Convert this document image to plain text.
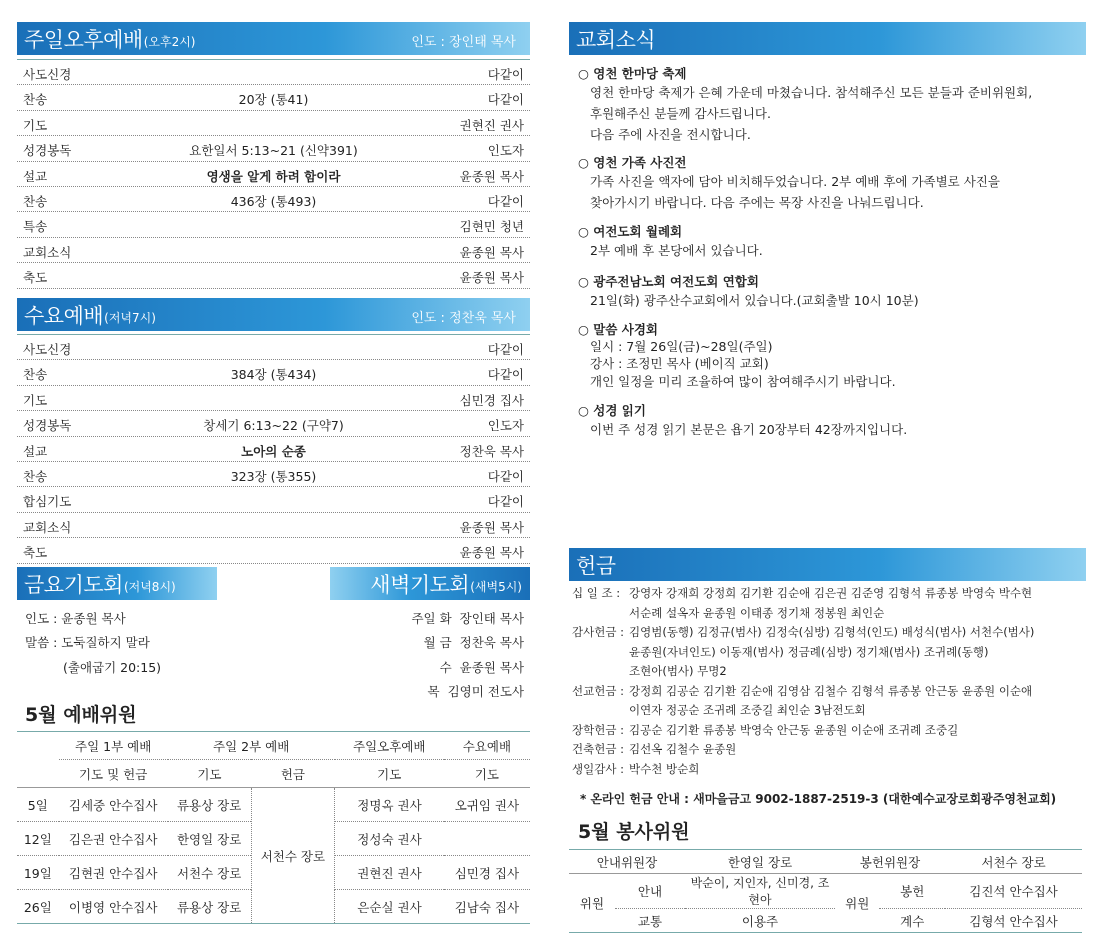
주일오후예배 (오후2시)	인도 : 장인태 목사
사도신경	다같이
찬송	20장 (통41)	다같이
기도	권현진 권사
성경봉독	요한일서 5:13~21 (신약391)	인도자
설교	영생을 알게 하려 함이라	윤종원 목사
찬송	436장 (통493)	다같이
특송	김현민 청년
교회소식	윤종원 목사
축도	윤종원 목사
수요예배 (저녁7시)	인도 : 정찬욱 목사
사도신경	다같이
찬송	384장 (통434)	다같이
기도	심민경 집사
성경봉독	창세기 6:13~22 (구약7)	인도자
설교	노아의 순종	정찬욱 목사
찬송	323장 (통355)	다같이
합심기도	다같이
교회소식	윤종원 목사
축도	윤종원 목사
금요기도회 (저녁8시)
인도 : 윤종원 목사
말씀 : 도둑질하지 말라
(출애굽기 20:15)
새벽기도회 (새벽5시)
주일 화 장인태 목사
월 금 정찬욱 목사
수 윤종원 목사
목 김영미 전도사
5월 예배위원
	주일 1부 예배	주일 2부 예배		주일오후예배	수요예배
	기도 및 헌금	기도	헌금	기도	기도
5일	김세중 안수집사	류용상 장로	서천수 장로	정명옥 권사	오귀임 권사
12일	김은권 안수집사	한영일 장로		정성숙 권사	
19일	김현권 안수집사	서천수 장로		권현진 권사	심민경 집사
26일	이병영 안수집사	류용상 장로		은순실 권사	김남숙 집사
교회소식
○ 영천 한마당 축제
영천 한마당 축제가 은혜 가운데 마쳤습니다. 참석해주신 모든 분들과 준비위원회,
후원해주신 분들께 감사드립니다.
다음 주에 사진을 전시합니다.
○ 영천 가족 사진전
가족 사진을 액자에 담아 비치해두었습니다. 2부 예배 후에 가족별로 사진을
찾아가시기 바랍니다. 다음 주에는 목장 사진을 나눠드립니다.
○ 여전도회 월례회
2부 예배 후 본당에서 있습니다.
○ 광주전남노회 여전도회 연합회
21일(화) 광주산수교회에서 있습니다.(교회출발 10시 10분)
○ 말씀 사경회
일시 : 7월 26일(금)~28일(주일)
강사 : 조정민 목사 (베이직 교회)
개인 일정을 미리 조율하여 많이 참여해주시기 바랍니다.
○ 성경 읽기
이번 주 성경 읽기 본문은 욥기 20장부터 42장까지입니다.
헌금
십 일 조 : 강영자 강재희 강정희 김기환 김순애 김은권 김준영 김형석 류종봉 박영숙 박수현
서순례 설옥자 윤종원 이태종 정기채 정봉원 최인순
감사헌금 : 김영범(동행) 김정규(범사) 김정숙(심방) 김형석(인도) 배성식(범사) 서천수(범사)
윤종원(자녀인도) 이동재(범사) 정금례(심방) 정기채(범사) 조귀례(동행)
조현아(범사) 무명2
선교헌금 : 강정희 김공순 김기환 김순애 김영삼 김철수 김형석 류종봉 안근동 윤종원 이순애
이연자 정공순 조귀례 조중길 최인순 3남전도회
장학헌금 : 김공순 김기환 류종봉 박영숙 안근동 윤종원 이순애 조귀례 조중길
건축헌금 : 김선옥 김철수 윤종원
생일감사 : 박수천 방순희
* 온라인 헌금 안내 : 새마을금고 9002-1887-2519-3 (대한예수교장로회광주영천교회)
5월 봉사위원
안내위원장		한영일 장로	봉헌위원장		서천수 장로
위원	안내	박순이, 지인자, 신미경, 조현아	위원	봉헌	김진석 안수집사
	교통	이용주		계수	김형석 안수집사
